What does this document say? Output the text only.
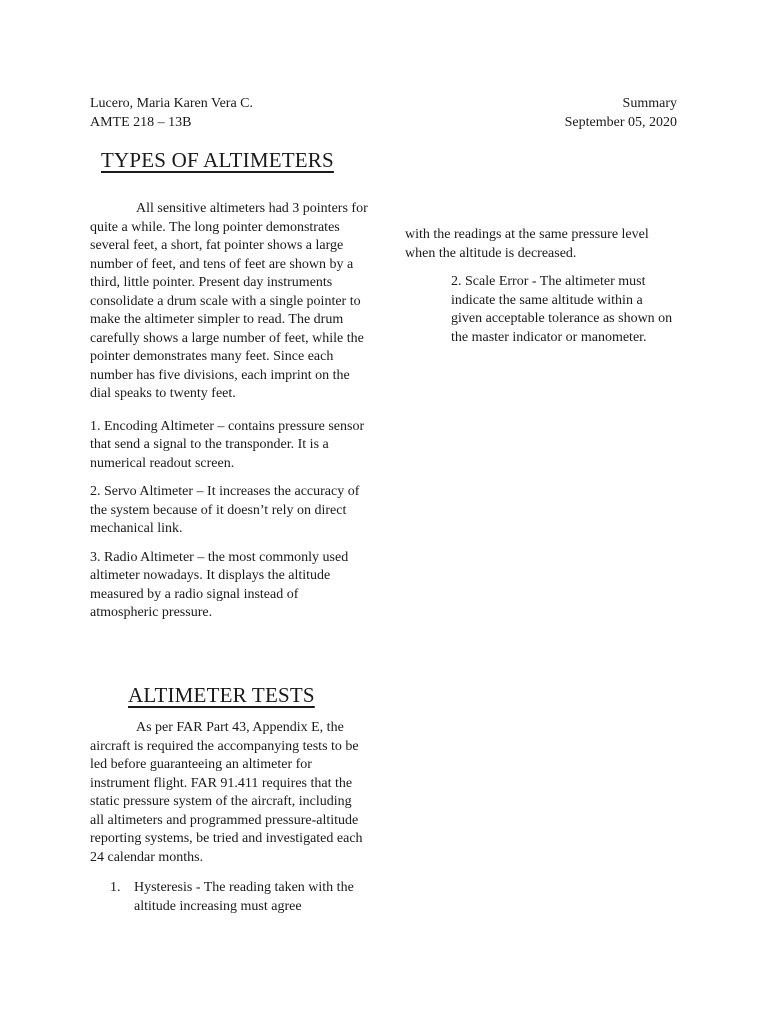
Lucero, Maria Karen Vera C.
AMTE 218 – 13B
Summary
September 05, 2020
TYPES OF ALTIMETERS

All sensitive altimeters had 3 pointers for quite a while. The long pointer demonstrates several feet, a short, fat pointer shows a large number of feet, and tens of feet are shown by a third, little pointer. Present day instruments consolidate a drum scale with a single pointer to make the altimeter simpler to read. The drum carefully shows a large number of feet, while the pointer demonstrates many feet. Since each number has five divisions, each imprint on the dial speaks to twenty feet.

1. Encoding Altimeter – contains pressure sensor that send a signal to the transponder. It is a numerical readout screen.

2. Servo Altimeter – It increases the accuracy of the system because of it doesn’t rely on direct mechanical link.

3. Radio Altimeter – the most commonly used altimeter nowadays. It displays the altitude measured by a radio signal instead of atmospheric pressure.

ALTIMETER TESTS

As per FAR Part 43, Appendix E, the aircraft is required the accompanying tests to be led before guaranteeing an altimeter for instrument flight. FAR 91.411 requires that the static pressure system of the aircraft, including all altimeters and programmed pressure-altitude reporting systems, be tried and investigated each 24 calendar months.

1. Hysteresis - The reading taken with the altitude increasing must agree

with the readings at the same pressure level when the altitude is decreased.

2. Scale Error - The altimeter must indicate the same altitude within a given acceptable tolerance as shown on the master indicator or manometer.
